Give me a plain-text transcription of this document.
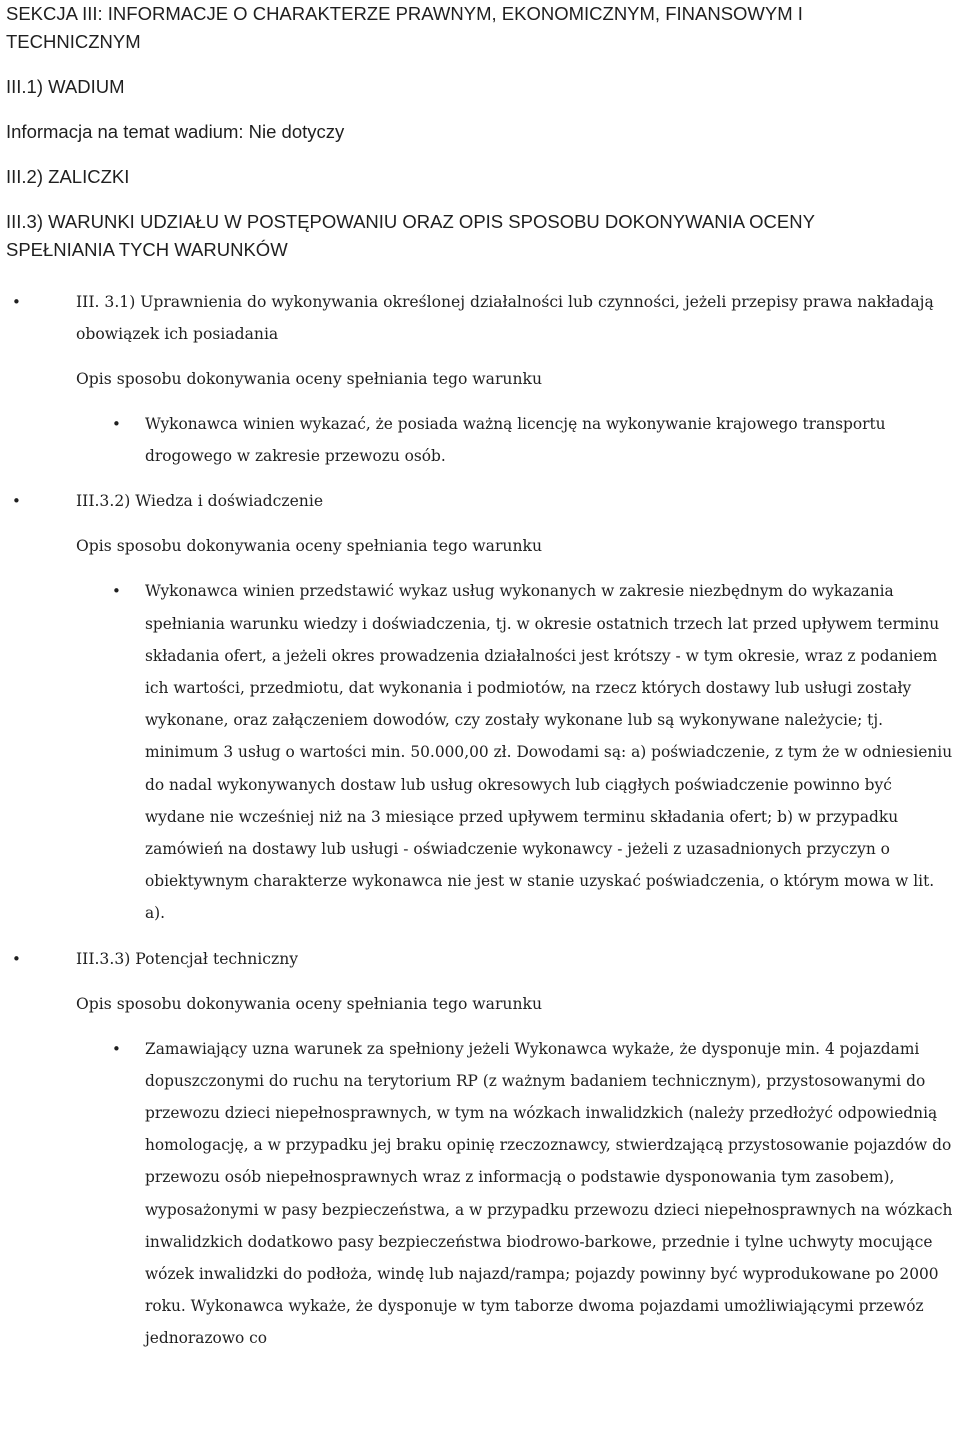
SEKCJA III: INFORMACJE O CHARAKTERZE PRAWNYM, EKONOMICZNYM, FINANSOWYM I

TECHNICZNYM

III.1) WADIUM

Informacja na temat wadium: Nie dotyczy

III.2) ZALICZKI

III.3) WARUNKI UDZIAŁU W POSTĘPOWANIU ORAZ OPIS SPOSOBU DOKONYWANIA OCENY

SPEŁNIANIA TYCH WARUNKÓW

• III. 3.1) Uprawnienia do wykonywania określonej działalności lub czynności, jeżeli przepisy prawa nakładają obowiązek ich posiadania

Opis sposobu dokonywania oceny spełniania tego warunku

• Wykonawca winien wykazać, że posiada ważną licencję na wykonywanie krajowego transportu drogowego w zakresie przewozu osób.

• III.3.2) Wiedza i doświadczenie

Opis sposobu dokonywania oceny spełniania tego warunku

• Wykonawca winien przedstawić wykaz usług wykonanych w zakresie niezbędnym do wykazania spełniania warunku wiedzy i doświadczenia, tj. w okresie ostatnich trzech lat przed upływem terminu składania ofert, a jeżeli okres prowadzenia działalności jest krótszy - w tym okresie, wraz z podaniem ich wartości, przedmiotu, dat wykonania i podmiotów, na rzecz których dostawy lub usługi zostały wykonane, oraz załączeniem dowodów, czy zostały wykonane lub są wykonywane należycie; tj. minimum 3 usług o wartości min. 50.000,00 zł. Dowodami są: a) poświadczenie, z tym że w odniesieniu do nadal wykonywanych dostaw lub usług okresowych lub ciągłych poświadczenie powinno być wydane nie wcześniej niż na 3 miesiące przed upływem terminu składania ofert; b) w przypadku zamówień na dostawy lub usługi - oświadczenie wykonawcy - jeżeli z uzasadnionych przyczyn o obiektywnym charakterze wykonawca nie jest w stanie uzyskać poświadczenia, o którym mowa w lit. a).

• III.3.3) Potencjał techniczny

Opis sposobu dokonywania oceny spełniania tego warunku

• Zamawiający uzna warunek za spełniony jeżeli Wykonawca wykaże, że dysponuje min. 4 pojazdami dopuszczonymi do ruchu na terytorium RP (z ważnym badaniem technicznym), przystosowanymi do przewozu dzieci niepełnosprawnych, w tym na wózkach inwalidzkich (należy przedłożyć odpowiednią homologację, a w przypadku jej braku opinię rzeczoznawcy, stwierdzającą przystosowanie pojazdów do przewozu osób niepełnosprawnych wraz z informacją o podstawie dysponowania tym zasobem), wyposażonymi w pasy bezpieczeństwa, a w przypadku przewozu dzieci niepełnosprawnych na wózkach inwalidzkich dodatkowo pasy bezpieczeństwa biodrowo-barkowe, przednie i tylne uchwyty mocujące wózek inwalidzki do podłoża, windę lub najazd/rampa; pojazdy powinny być wyprodukowane po 2000 roku. Wykonawca wykaże, że dysponuje w tym taborze dwoma pojazdami umożliwiającymi przewóz jednorazowo co
